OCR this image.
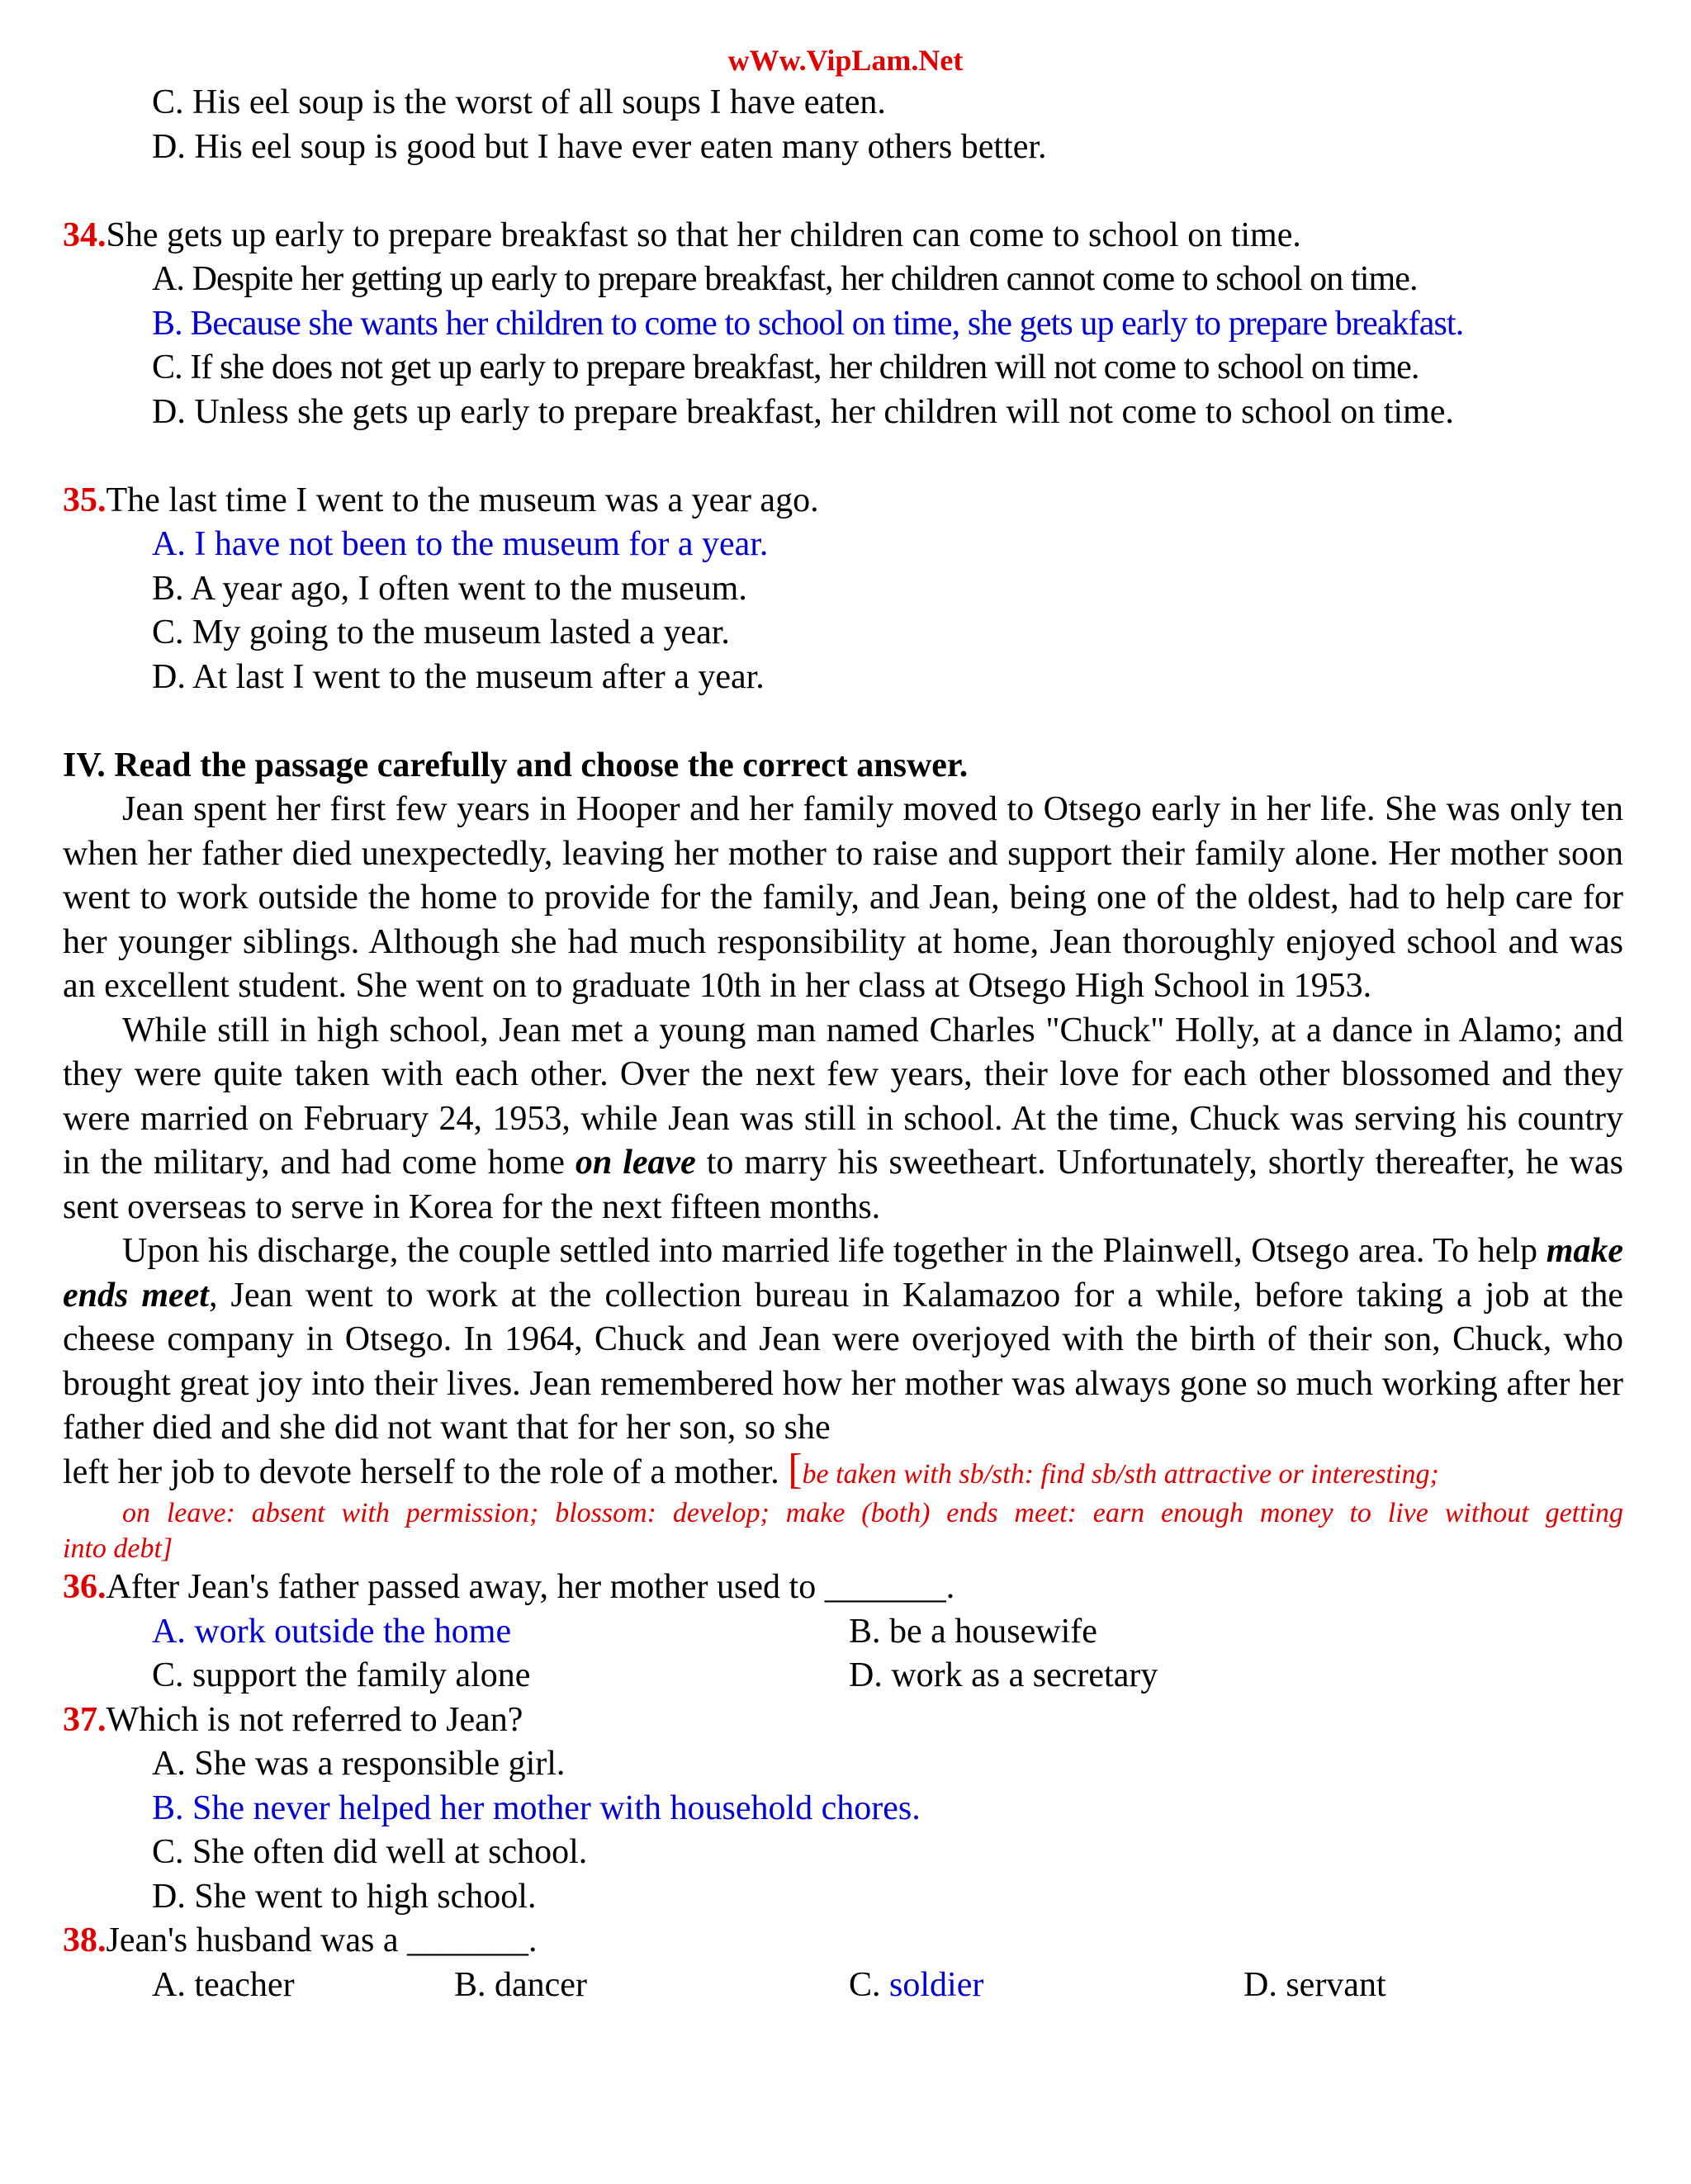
wWw.VipLam.Net
C. His eel soup is the worst of all soups I have eaten.
D. His eel soup is good but I have ever eaten many others better.
34.She gets up early to prepare breakfast so that her children can come to school on time.
A. Despite her getting up early to prepare breakfast, her children cannot come to school on time.
B. Because she wants her children to come to school on time, she gets up early to prepare breakfast.
C. If she does not get up early to prepare breakfast, her children will not come to school on time.
D. Unless she gets up early to prepare breakfast, her children will not come to school on time.
35.The last time I went to the museum was a year ago.
A. I have not been to the museum for a year.
B. A year ago, I often went to the museum.
C. My going to the museum lasted a year.
D. At last I went to the museum after a year.
IV. Read the passage carefully and choose the correct answer.

Jean spent her first few years in Hooper and her family moved to Otsego early in her life. She was only ten when her father died unexpectedly, leaving her mother to raise and support their family alone. Her mother soon went to work outside the home to provide for the family, and Jean, being one of the oldest, had to help care for her younger siblings. Although she had much responsibility at home, Jean thoroughly enjoyed school and was an excellent student. She went on to graduate 10th in her class at Otsego High School in 1953.

While still in high school, Jean met a young man named Charles "Chuck" Holly, at a dance in Alamo; and they were quite taken with each other. Over the next few years, their love for each other blossomed and they were married on February 24, 1953, while Jean was still in school. At the time, Chuck was serving his country in the military, and had come home on leave to marry his sweetheart. Unfortunately, shortly thereafter, he was sent overseas to serve in Korea for the next fifteen months.

Upon his discharge, the couple settled into married life together in the Plainwell, Otsego area. To help make ends meet, Jean went to work at the collection bureau in Kalamazoo for a while, before taking a job at the cheese company in Otsego. In 1964, Chuck and Jean were overjoyed with the birth of their son, Chuck, who brought great joy into their lives. Jean remembered how her mother was always gone so much working after her father died and she did not want that for her son, so she

left her job to devote herself to the role of a mother. [be taken with sb/sth: find sb/sth attractive or interesting;

on leave: absent with permission; blossom: develop; make (both) ends meet: earn enough money to live without getting

into debt]

36.After Jean's father passed away, her mother used to _______.
A. work outside the home	B. be a housewife
C. support the family alone	D. work as a secretary
37.Which is not referred to Jean?
A. She was a responsible girl.
B. She never helped her mother with household chores.
C. She often did well at school.
D. She went to high school.
38.Jean's husband was a _______.
A. teacher	B. dancer	C. soldier	D. servant
